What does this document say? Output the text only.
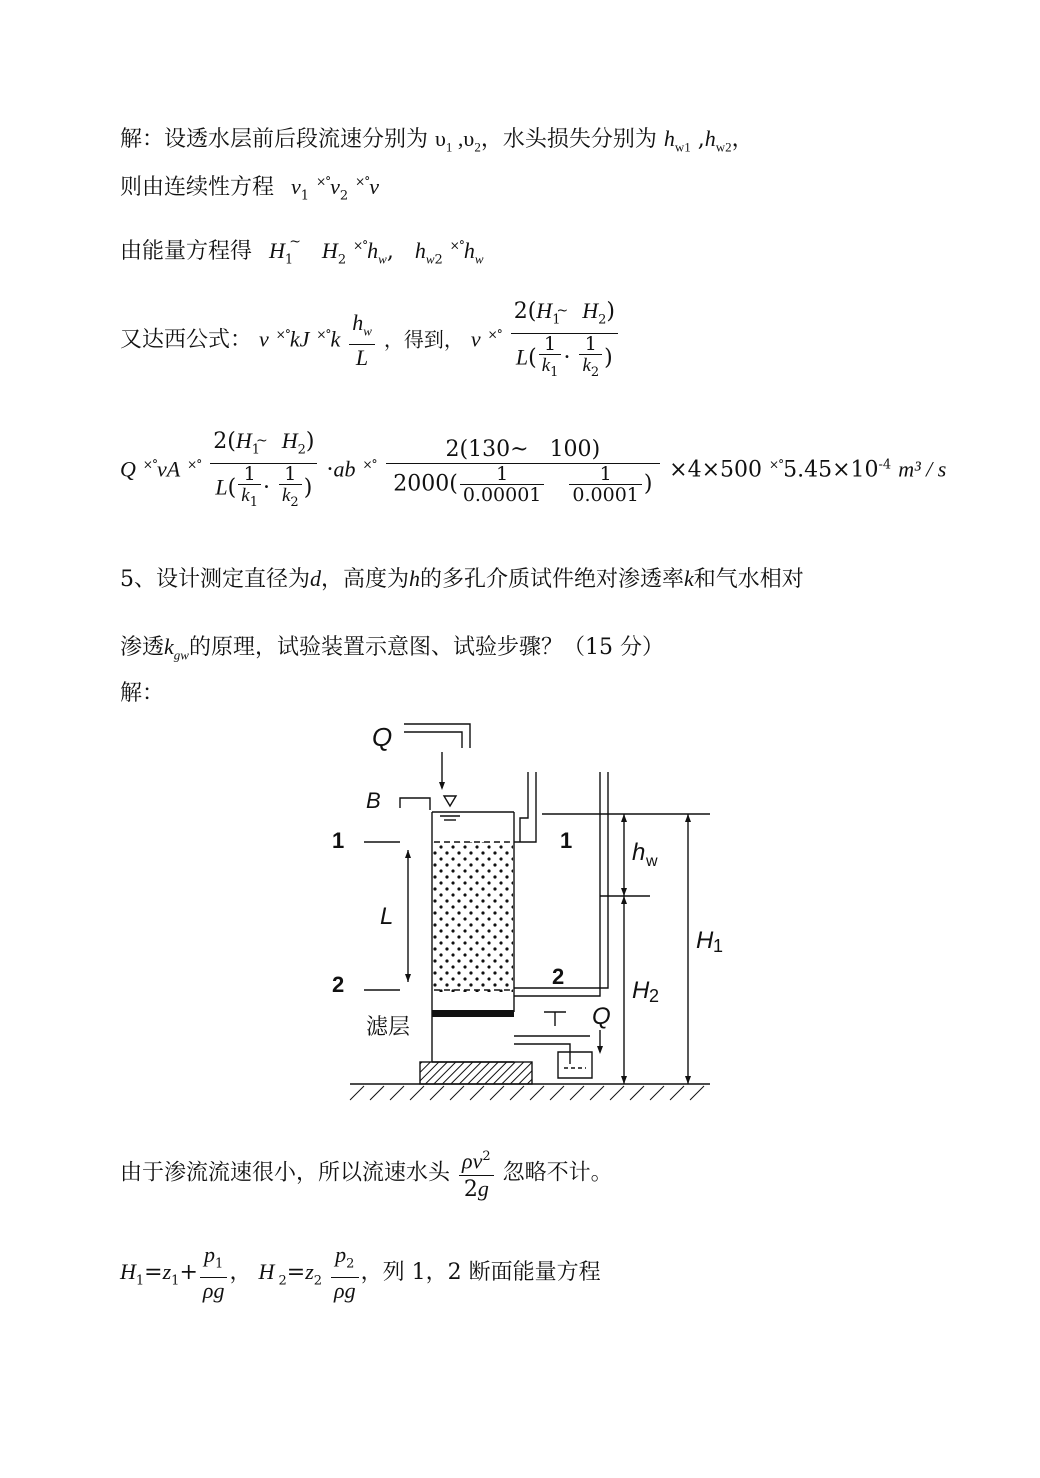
解：设透水层前后段流速分别为 $\upsilon_1$ $,\upsilon_2$，水头损失分别为 $h_{w1}$ $,h_{w2}$，
则由连续性方程 $v_1$ $^{\times^\circ}v_2$ ×°v
由能量方程得 $H_1^\sim$ $H_2$ $^{\times^\circ}h_w$, $h_{w2}$ $^{\times^\circ}h_w$
又达西公式： v ×°kJ $^{\times^\circ}k \frac{h_w}{L}$ ，得到， v $^{\times^\circ} \frac{2(H_1^\sim H_2)}{L( \frac{1}{k_1} \cdot \frac{1}{k_2} )}$
Q ×°vA $^{\times^\circ} \frac{2(H_1^\sim H_2)}{L( \frac{1}{k_1} \cdot \frac{1}{k_2} )} \cdot ab$ ×° 2(130~   100)
$2000( \frac{1}{0.00001}$
$\frac{1}{0.0001}$ ) ×4×500 $^{\times^\circ}5.45\times 10^{-4}$ m³ / s
5、设计测定直径为d，高度为h的多孔介质试件绝对渗透率k和气水相对
渗透$k_{gw}$的原理，试验装置示意图、试验步骤？（15 分）
解：
Q
B
滤层
1	1
L
2	2
Q
h w
H 2
H 1
由于渗流流速很小，所以流速水头 $\frac{\rho v^2}{2g}$ 忽略不计。
$H_1=z_1+ \frac{p_1}{\rho g}$ ， H $_2=z_2 \frac{p_2}{\rho g}$ ，列 1，2 断面能量方程
